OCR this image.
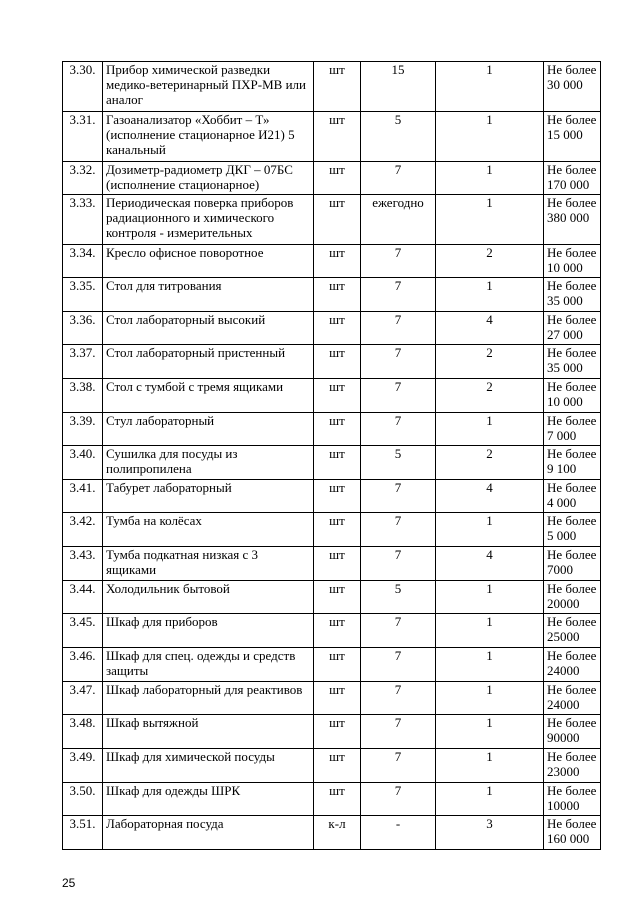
3.30.	Прибор химической разведки медико-ветеринарный ПХР-МВ или аналог	шт	15	1	Не более
30 000

3.31.	Газоанализатор «Хоббит – Т» (исполнение стационарное И21) 5 канальный	шт	5	1	Не более
15 000

3.32.	Дозиметр-радиометр ДКГ – 07БС (исполнение стационарное)	шт	7	1	Не более
170 000

3.33.	Периодическая поверка приборов радиационного и химического контроля - измерительных	шт	ежегодно	1	Не более
380 000

3.34.	Кресло офисное поворотное	шт	7	2	Не более
10 000

3.35.	Стол для титрования	шт	7	1	Не более
35 000

3.36.	Стол лабораторный высокий	шт	7	4	Не более
27 000

3.37.	Стол лабораторный пристенный	шт	7	2	Не более
35 000

3.38.	Стол с тумбой с тремя ящиками	шт	7	2	Не более
10 000

3.39.	Стул лабораторный	шт	7	1	Не более
7 000

3.40.	Сушилка для посуды из полипропилена	шт	5	2	Не более
9 100

3.41.	Табурет лабораторный	шт	7	4	Не более
4 000

3.42.	Тумба на колёсах	шт	7	1	Не более
5 000

3.43.	Тумба подкатная низкая с 3 ящиками	шт	7	4	Не более
7000

3.44.	Холодильник бытовой	шт	5	1	Не более
20000

3.45.	Шкаф для приборов	шт	7	1	Не более
25000

3.46.	Шкаф для спец. одежды и средств защиты	шт	7	1	Не более
24000

3.47.	Шкаф лабораторный для реактивов	шт	7	1	Не более
24000

3.48.	Шкаф вытяжной	шт	7	1	Не более
90000

3.49.	Шкаф для химической посуды	шт	7	1	Не более
23000

3.50.	Шкаф для одежды ШРК	шт	7	1	Не более
10000

3.51.	Лабораторная посуда	к-л	-	3	Не более
160 000
25
